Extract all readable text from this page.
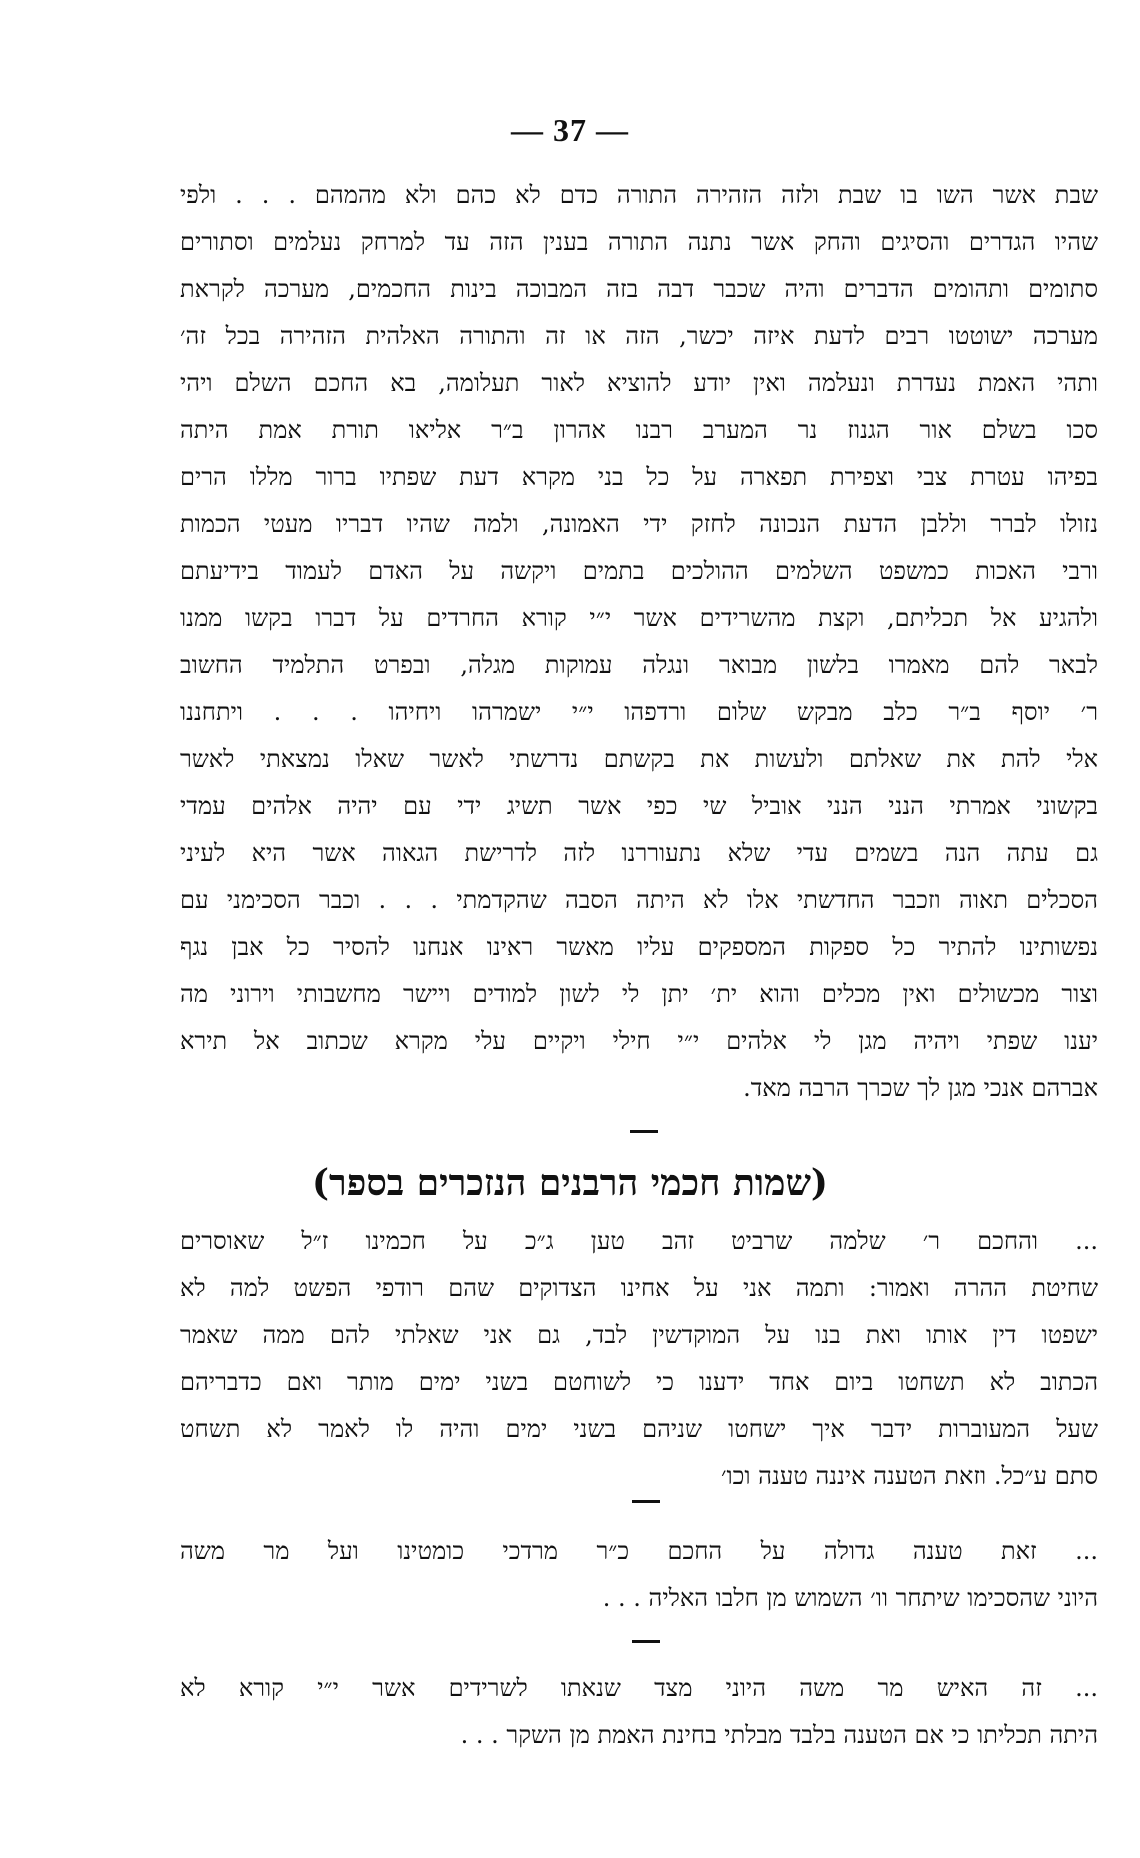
— 37 —
שבת אשר השו בו שבת ולזה הזהירה התורה כדם לא כהם ולא מהמהם . . . ולפי
שהיו הגדרים והסיגים והחק אשר נתנה התורה בענין הזה עד למרחק נעלמים וסתורים
סתומים ותהומים הדברים והיה שכבר דבה בזה המבוכה בינות החכמים, מערכה לקראת
מערכה ישוטטו רבים לדעת איזה יכשר, הזה או זה והתורה האלהית הזהירה בכל זה׳
ותהי האמת נעדרת ונעלמה ואין יודע להוציא לאור תעלומה, בא החכם השלם ויהי
סכו בשלם אור הגנוז נר המערב רבנו אהרון ב״ר אליאו תורת אמת היתה
בפיהו עטרת צבי וצפירת תפארה על כל בני מקרא דעת שפתיו ברור מללו הרים
נזולו לברר וללבן הדעת הנכונה לחזק ידי האמונה, ולמה שהיו דבריו מעטי הכמות
ורבי האכות כמשפט השלמים ההולכים בתמים ויקשה על האדם לעמוד בידיעתם
ולהגיע אל תכליתם, וקצת מהשרידים אשר י״י קורא החרדים על דברו בקשו ממנו
לבאר להם מאמרו בלשון מבואר ונגלה עמוקות מגלה, ובפרט התלמיד החשוב
ר׳ יוסף ב״ר כלב מבקש שלום ורדפהו י״י ישמרהו ויחיהו . . . ויתחננו
אלי להת את שאלתם ולעשות את בקשתם נדרשתי לאשר שאלו נמצאתי לאשר
בקשוני אמרתי הנני הנני אוביל שי כפי אשר תשיג ידי עם יהיה אלהים עמדי
גם עתה הנה בשמים עדי שלא נתעוררנו לזה לדרישת הגאוה אשר היא לעיני
הסכלים תאוה וזכבר החדשתי אלו לא היתה הסבה שהקדמתי . . . וכבר הסכימני עם
נפשותינו להתיר כל ספקות המספקים עליו מאשר ראינו אנחנו להסיר כל אבן נגף
וצור מכשולים ואין מכלים והוא ית׳ יתן לי לשון למודים ויישר מחשבותי וירוני מה
יענו שפתי ויהיה מגן לי אלהים י״י חילי ויקיים עלי מקרא שכתוב אל תירא
אברהם אנכי מגן לך שכרך הרבה מאד.
(שמות חכמי הרבנים הנזכרים בספר)
... והחכם ר׳ שלמה שרביט זהב טען ג״כ על חכמינו ז״ל שאוסרים
שחיטת ההרה ואמור: ותמה אני על אחינו הצדוקים שהם רודפי הפשט למה לא
ישפטו דין אותו ואת בנו על המוקדשין לבד, גם אני שאלתי להם ממה שאמר
הכתוב לא תשחטו ביום אחד ידענו כי לשוחטם בשני ימים מותר ואם כדבריהם
שעל המעוברות ידבר איך ישחטו שניהם בשני ימים והיה לו לאמר לא תשחט
סתם ע״כל. וזאת הטענה איננה טענה וכו׳
... זאת טענה גדולה על החכם כ״ר מרדכי כומטינו ועל מר משה
היוני שהסכימו שיתחר וו׳ השמוש מן חלבו האליה . . .
... זה האיש מר משה היוני מצד שנאתו לשרידים אשר י״י קורא לא
היתה תכליתו כי אם הטענה בלבד מבלתי בחינת האמת מן השקר . . .
